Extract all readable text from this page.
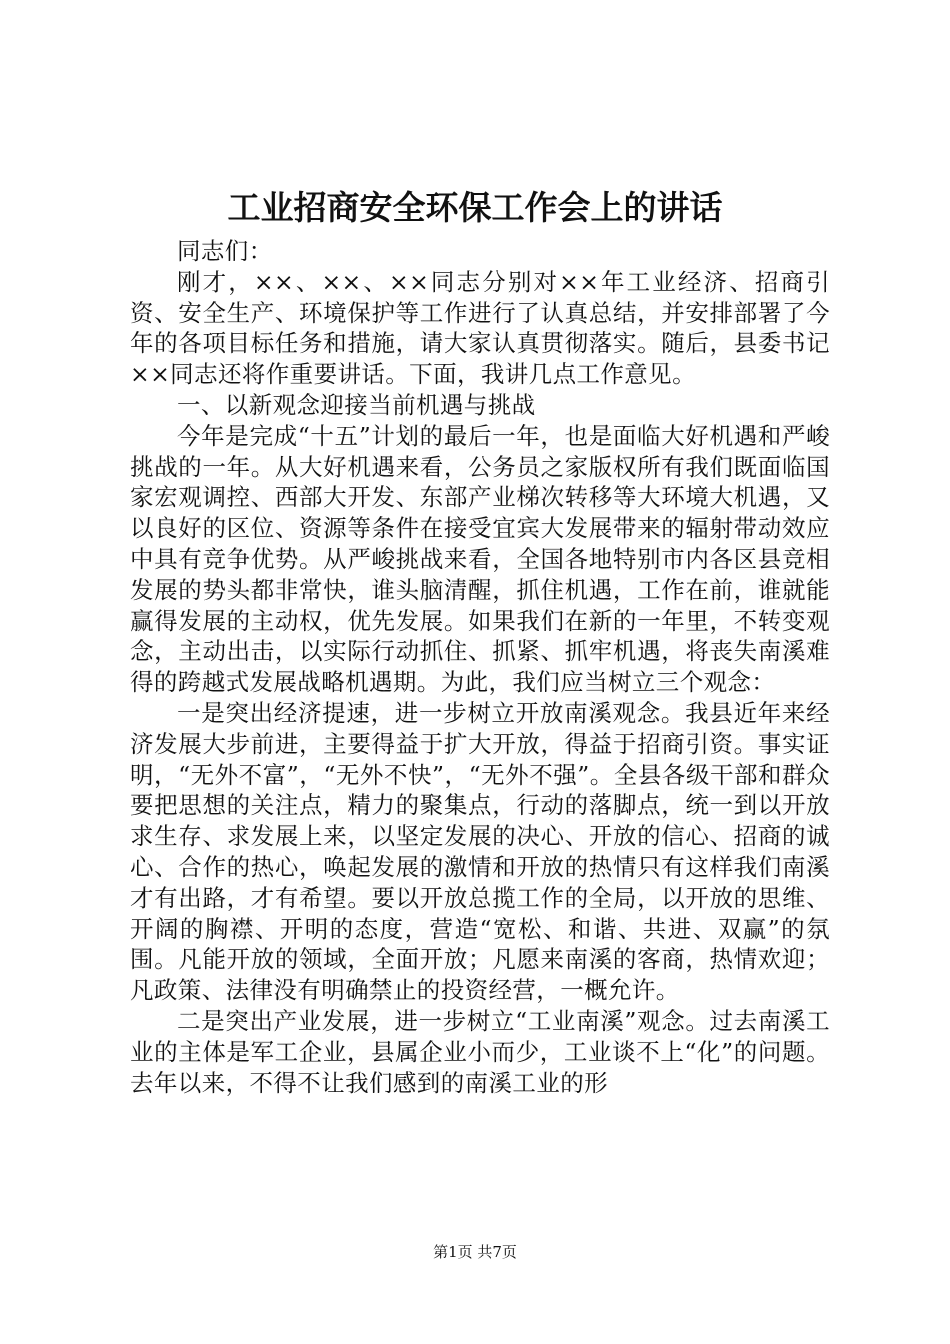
工业招商安全环保工作会上的讲话

同志们：

刚才，××、××、××同志分别对××年工业经济、招商引资、安全生产、环境保护等工作进行了认真总结，并安排部署了今年的各项目标任务和措施，请大家认真贯彻落实。随后，县委书记××同志还将作重要讲话。下面，我讲几点工作意见。

一、以新观念迎接当前机遇与挑战

今年是完成“十五”计划的最后一年，也是面临大好机遇和严峻挑战的一年。从大好机遇来看，公务员之家版权所有我们既面临国家宏观调控、西部大开发、东部产业梯次转移等大环境大机遇，又以良好的区位、资源等条件在接受宜宾大发展带来的辐射带动效应中具有竞争优势。从严峻挑战来看，全国各地特别市内各区县竞相发展的势头都非常快，谁头脑清醒，抓住机遇，工作在前，谁就能赢得发展的主动权，优先发展。如果我们在新的一年里，不转变观念，主动出击，以实际行动抓住、抓紧、抓牢机遇，将丧失南溪难得的跨越式发展战略机遇期。为此，我们应当树立三个观念：

一是突出经济提速，进一步树立开放南溪观念。我县近年来经济发展大步前进，主要得益于扩大开放，得益于招商引资。事实证明，“无外不富”，“无外不快”，“无外不强”。全县各级干部和群众要把思想的关注点，精力的聚集点，行动的落脚点，统一到以开放求生存、求发展上来，以坚定发展的决心、开放的信心、招商的诚心、合作的热心，唤起发展的激情和开放的热情只有这样我们南溪才有出路，才有希望。要以开放总揽工作的全局，以开放的思维、开阔的胸襟、开明的态度，营造“宽松、和谐、共进、双赢”的氛围。凡能开放的领域，全面开放；凡愿来南溪的客商，热情欢迎；凡政策、法律没有明确禁止的投资经营，一概允许。

二是突出产业发展，进一步树立“工业南溪”观念。过去南溪工业的主体是军工企业，县属企业小而少，工业谈不上“化”的问题。去年以来，不得不让我们感到的南溪工业的形

第1页 共7页
